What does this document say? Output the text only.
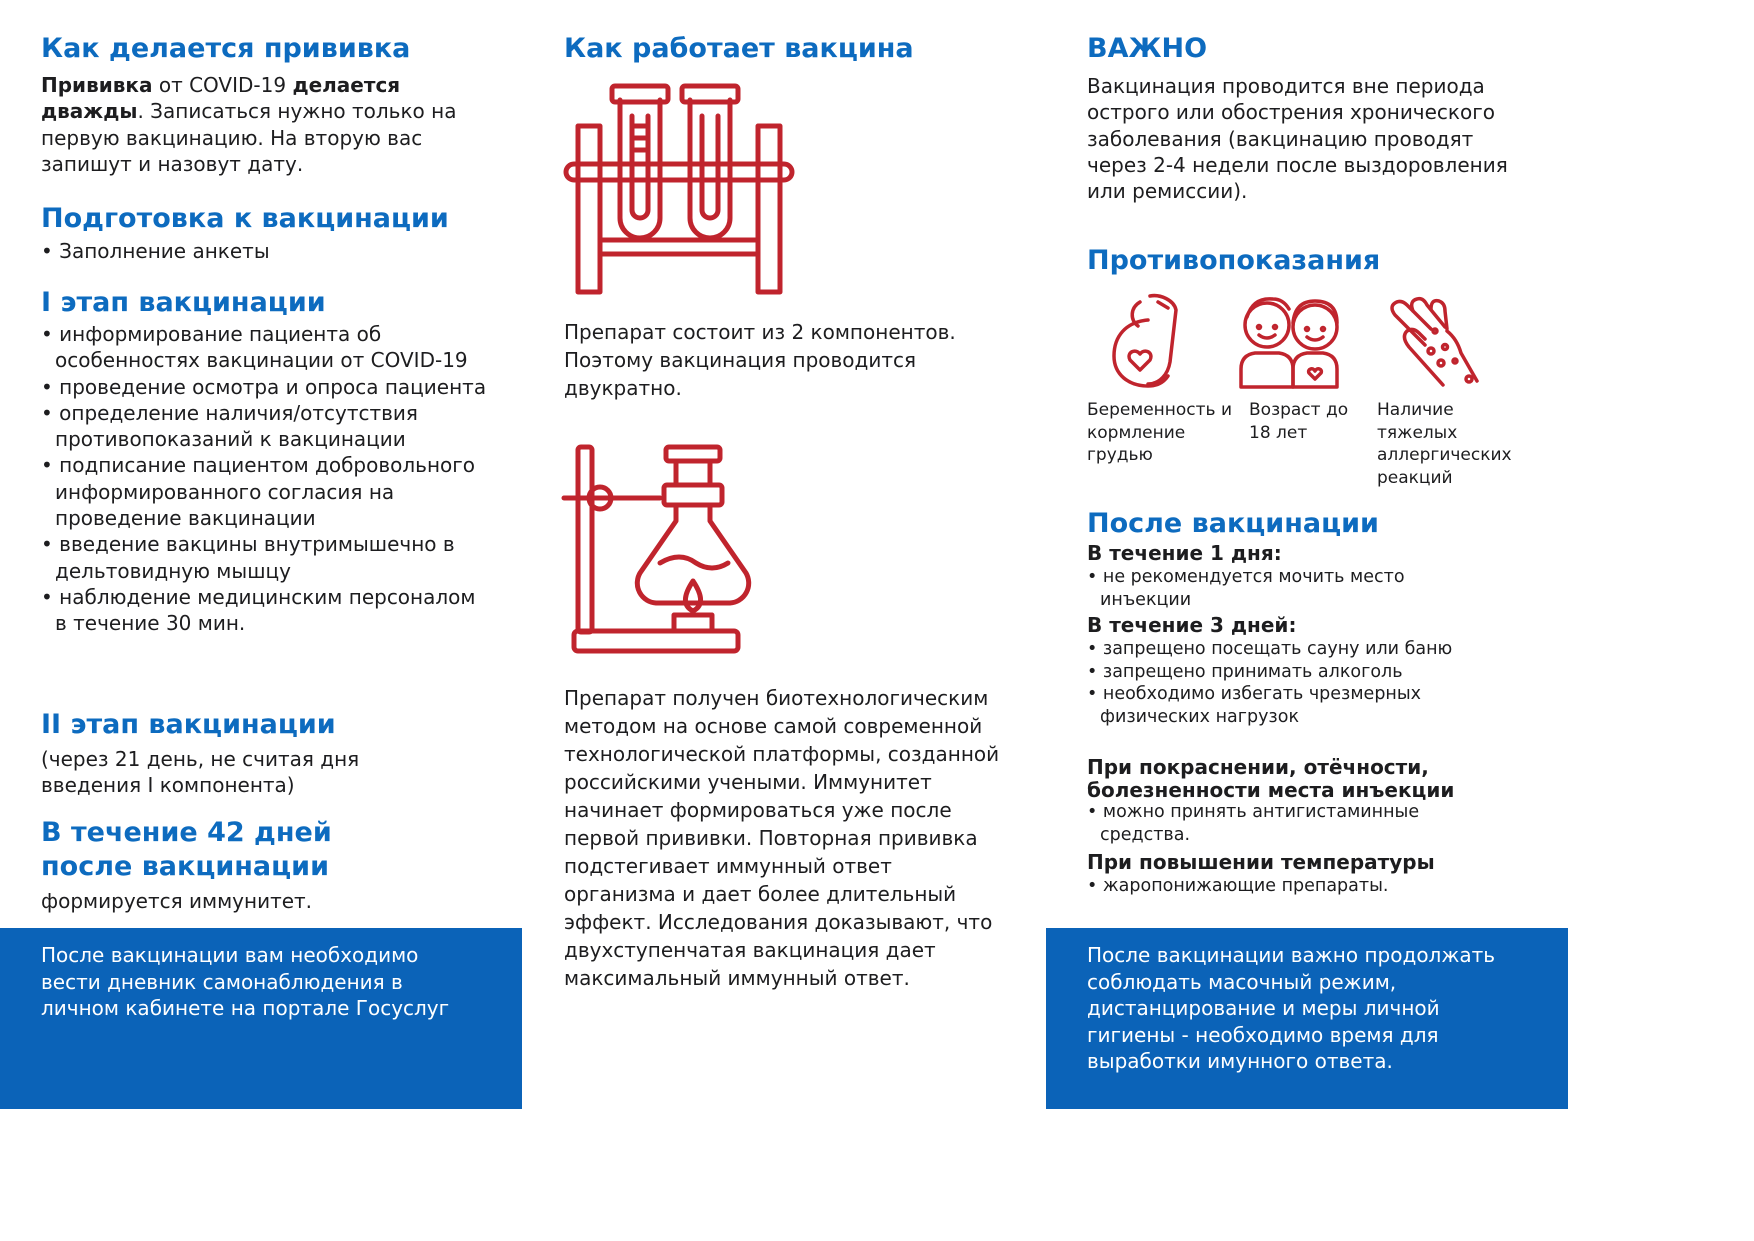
Как делается прививка

Прививка от COVID-19 делается дважды. Записаться нужно только на первую вакцинацию. На вторую вас запишут и назовут дату.

Подготовка к вакцинации
• Заполнение анкеты
I этап вакцинации
• информирование пациента об особенностях вакцинации от COVID-19
• проведение осмотра и опроса пациента
• определение наличия/отсутствия противопоказаний к вакцинации
• подписание пациентом добровольного информированного согласия на проведение вакцинации
• введение вакцины внутримышечно в дельтовидную мышцу
• наблюдение медицинским персоналом в течение 30 мин.
II этап вакцинации

(через 21 день, не считая дня введения I компонента)

В течение 42 дней
после вакцинации

формируется иммунитет.

После вакцинации вам необходимо вести дневник самонаблюдения в личном кабинете на портале Госуслуг

Как работает вакцина

Препарат состоит из 2 компонентов. Поэтому вакцинация проводится двукратно.

Препарат получен биотехнологическим методом на основе самой современной технологической платформы, созданной российскими учеными. Иммунитет начинает формироваться уже после первой прививки. Повторная прививка подстегивает иммунный ответ организма и дает более длительный эффект. Исследования доказывают, что двухступенчатая вакцинация дает максимальный иммунный ответ.

ВАЖНО

Вакцинация проводится вне периода острого или обострения хронического заболевания (вакцинацию проводят через 2-4 недели после выздоровления или ремиссии).

Противопоказания

Беременность и кормление грудью

Возраст до 18 лет

Наличие тяжелых аллергических реакций

После вакцинации

В течение 1 дня:

• не рекомендуется мочить место инъекции

В течение 3 дней:

• запрещено посещать сауну или баню
• запрещено принимать алкоголь
• необходимо избегать чрезмерных физических нагрузок

При покраснении, отёчности, болезненности места инъекции

• можно принять антигистаминные средства.

При повышении температуры

• жаропонижающие препараты.

После вакцинации важно продолжать соблюдать масочный режим, дистанцирование и меры личной гигиены - необходимо время для выработки имунного ответа.
